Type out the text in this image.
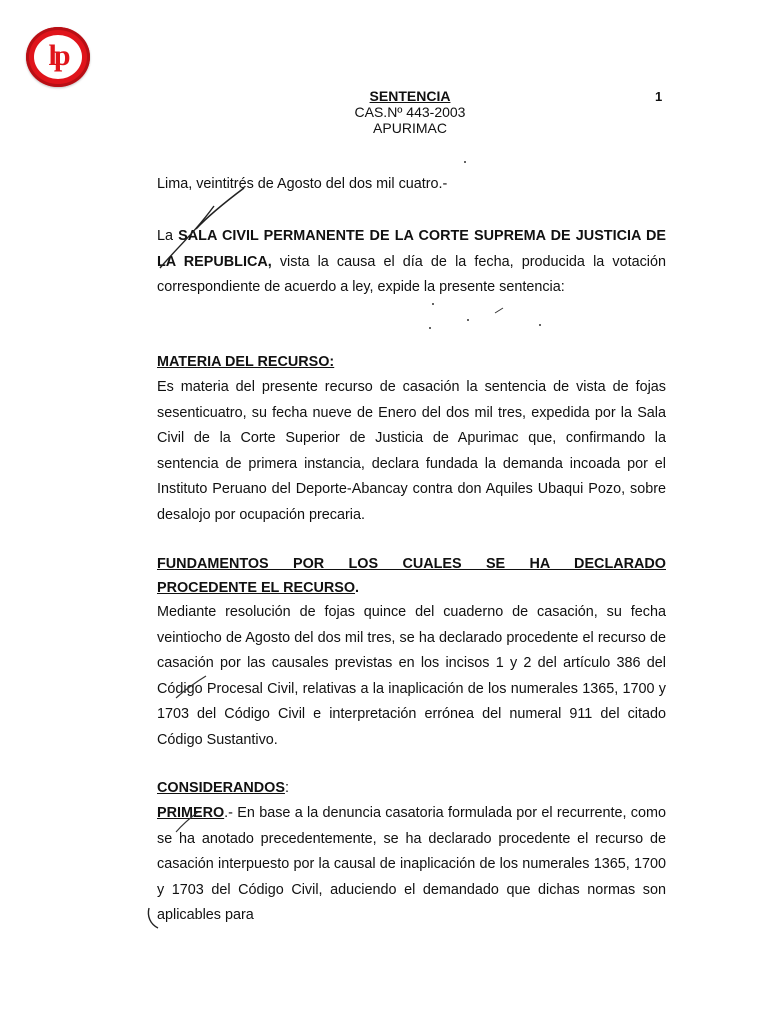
lp
1

SENTENCIA

CAS.Nº 443-2003

APURIMAC

Lima, veintitrés de Agosto del dos mil cuatro.-

La SALA CIVIL PERMANENTE DE LA CORTE SUPREMA DE JUSTICIA DE LA REPUBLICA, vista la causa el día de la fecha, producida la votación correspondiente de acuerdo a ley, expide la presente sentencia:

MATERIA DEL RECURSO:

Es materia del presente recurso de casación la sentencia de vista de fojas sesenticuatro, su fecha nueve de Enero del dos mil tres, expedida por la Sala Civil de la Corte Superior de Justicia de Apurimac que, confirmando la sentencia de primera instancia, declara fundada la demanda incoada por el Instituto Peruano del Deporte-Abancay contra don Aquiles Ubaqui Pozo, sobre desalojo por ocupación precaria.

FUNDAMENTOS POR LOS CUALES SE HA DECLARADO

PROCEDENTE EL RECURSO.

Mediante resolución de fojas quince del cuaderno de casación, su fecha veintiocho de Agosto del dos mil tres, se ha declarado procedente el recurso de casación por las causales previstas en los incisos 1 y 2 del artículo 386 del Código Procesal Civil, relativas a la inaplicación de los numerales 1365, 1700 y 1703 del Código Civil e interpretación errónea del numeral 911 del citado Código Sustantivo.

CONSIDERANDOS:

PRIMERO.- En base a la denuncia casatoria formulada por el recurrente, como se ha anotado precedentemente, se ha declarado procedente el recurso de casación interpuesto por la causal de inaplicación de los numerales 1365, 1700 y 1703 del Código Civil, aduciendo el demandado que dichas normas son aplicables para
